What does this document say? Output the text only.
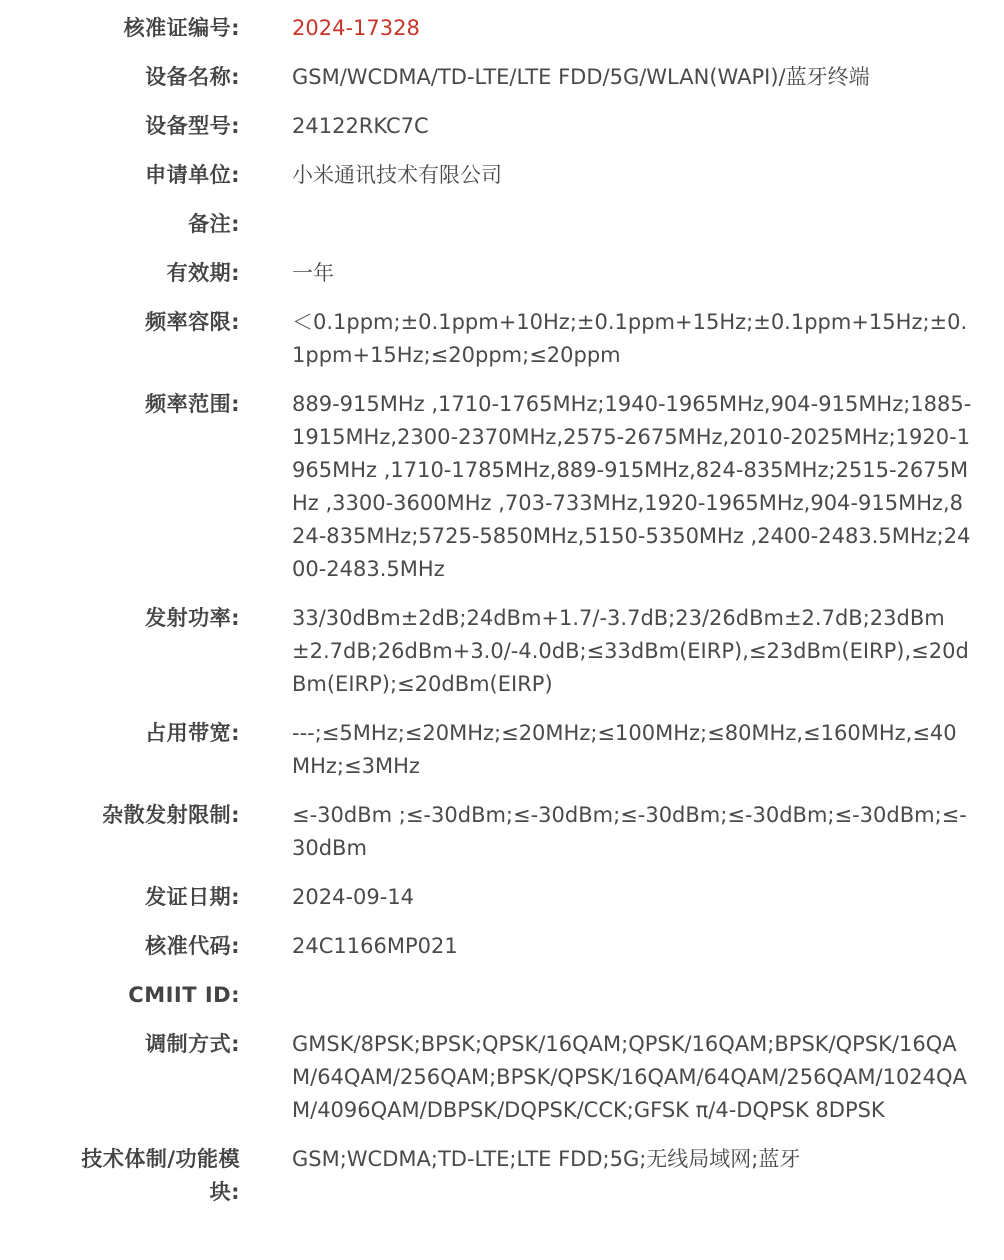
核准证编号: 2024-17328
设备名称: GSM/WCDMA/TD-LTE/LTE FDD/5G/WLAN(WAPI)/蓝牙终端
设备型号: 24122RKC7C
申请单位: 小米通讯技术有限公司
备注:
有效期: 一年
频率容限: ＜0.1ppm;±0.1ppm+10Hz;±0.1ppm+15Hz;±0.1ppm+15Hz;±0.1ppm+15Hz;≤20ppm;≤20ppm
频率范围: 889-915MHz ,1710-1765MHz;1940-1965MHz,904-915MHz;1885-1915MHz,2300-2370MHz,2575-2675MHz,2010-2025MHz;1920-1965MHz ,1710-1785MHz,889-915MHz,824-835MHz;2515-2675MHz ,3300-3600MHz ,703-733MHz,1920-1965MHz,904-915MHz,824-835MHz;5725-5850MHz,5150-5350MHz ,2400-2483.5MHz;2400-2483.5MHz
发射功率: 33/30dBm±2dB;24dBm+1.7/-3.7dB;23/26dBm±2.7dB;23dBm±2.7dB;26dBm+3.0/-4.0dB;≤33dBm(EIRP),≤23dBm(EIRP),≤20dBm(EIRP);≤20dBm(EIRP)
占用带宽: ---;≤5MHz;≤20MHz;≤20MHz;≤100MHz;≤80MHz,≤160MHz,≤40MHz;≤3MHz
杂散发射限制: ≤-30dBm ;≤-30dBm;≤-30dBm;≤-30dBm;≤-30dBm;≤-30dBm;≤-30dBm
发证日期: 2024-09-14
核准代码: 24C1166MP021
CMIIT ID:
调制方式: GMSK/8PSK;BPSK;QPSK/16QAM;QPSK/16QAM;BPSK/QPSK/16QAM/64QAM/256QAM;BPSK/QPSK/16QAM/64QAM/256QAM/1024QAM/4096QAM/DBPSK/DQPSK/CCK;GFSK π/4-DQPSK 8DPSK
技术体制/功能模块:
GSM;WCDMA;TD-LTE;LTE FDD;5G;无线局域网;蓝牙
